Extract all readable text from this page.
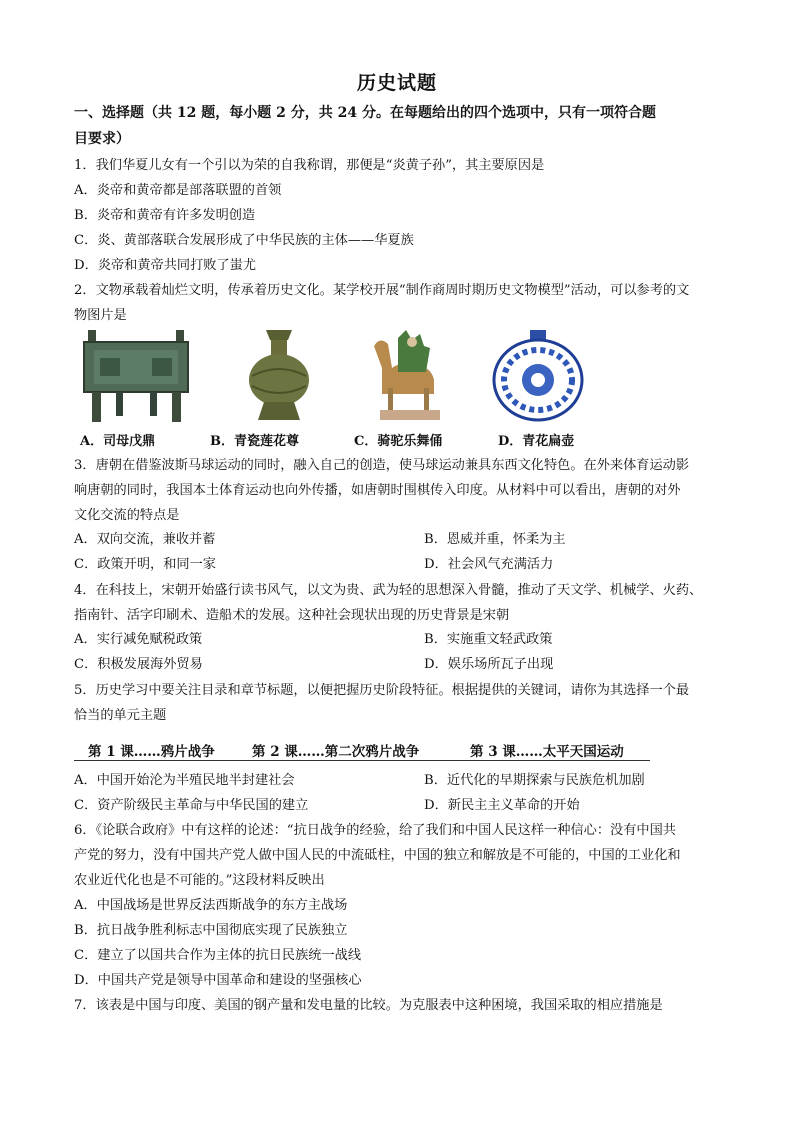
历史试题
一、选择题（共 12 题，每小题 2 分，共 24 分。在每题给出的四个选项中，只有一项符合题
目要求）
1．我们华夏儿女有一个引以为荣的自我称谓，那便是“炎黄子孙”，其主要原因是
A．炎帝和黄帝都是部落联盟的首领
B．炎帝和黄帝有许多发明创造
C．炎、黄部落联合发展形成了中华民族的主体——华夏族
D．炎帝和黄帝共同打败了蚩尤
2．文物承载着灿烂文明，传承着历史文化。某学校开展“制作商周时期历史文物模型”活动，可以参考的文
物图片是
A．司母戊鼎	B．青瓷莲花尊	C．骑驼乐舞俑	D．青花扁壶
3．唐朝在借鉴波斯马球运动的同时，融入自己的创造，使马球运动兼具东西文化特色。在外来体育运动影
响唐朝的同时，我国本土体育运动也向外传播，如唐朝时围棋传入印度。从材料中可以看出，唐朝的对外
文化交流的特点是
A．双向交流，兼收并蓄	B．恩威并重，怀柔为主
C．政策开明，和同一家	D．社会风气充满活力
4．在科技上，宋朝开始盛行读书风气，以文为贵、武为轻的思想深入骨髓，推动了天文学、机械学、火药、
指南针、活字印刷术、造船术的发展。这种社会现状出现的历史背景是宋朝
A．实行减免赋税政策	B．实施重文轻武政策
C．积极发展海外贸易	D．娱乐场所瓦子出现
5．历史学习中要关注目录和章节标题，以便把握历史阶段特征。根据提供的关键词，请你为其选择一个最
恰当的单元主题
第 1 课……鸦片战争	第 2 课……第二次鸦片战争	第 3 课……太平天国运动
A．中国开始沦为半殖民地半封建社会	B．近代化的早期探索与民族危机加剧
C．资产阶级民主革命与中华民国的建立	D．新民主主义革命的开始
6．《论联合政府》中有这样的论述：“抗日战争的经验，给了我们和中国人民这样一种信心：没有中国共
产党的努力，没有中国共产党人做中国人民的中流砥柱，中国的独立和解放是不可能的，中国的工业化和
农业近代化也是不可能的。”这段材料反映出
A．中国战场是世界反法西斯战争的东方主战场
B．抗日战争胜利标志中国彻底实现了民族独立
C．建立了以国共合作为主体的抗日民族统一战线
D．中国共产党是领导中国革命和建设的坚强核心
7．该表是中国与印度、美国的钢产量和发电量的比较。为克服表中这种困境，我国采取的相应措施是
